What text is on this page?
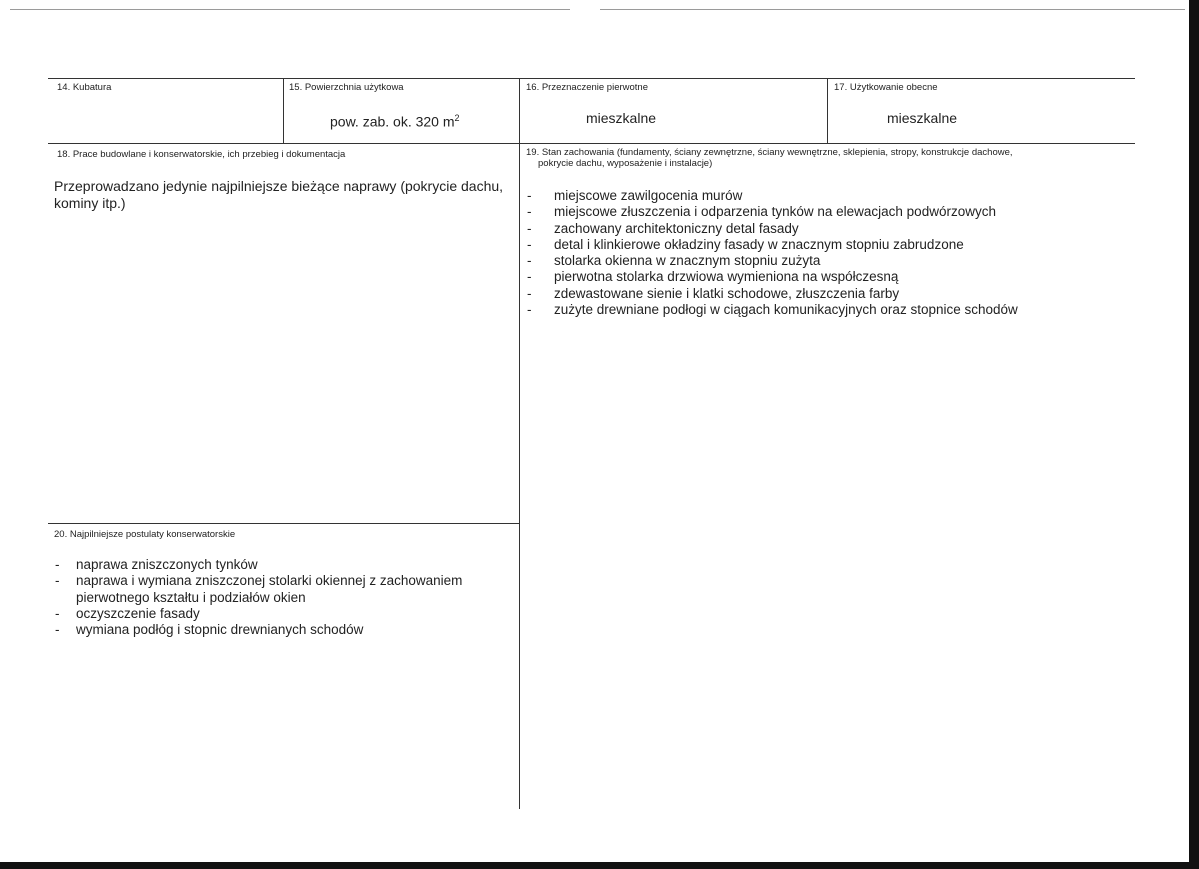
14. Kubatura	15. Powierzchnia użytkowa
pow. zab. ok. 320 $m^2$
16. Przeznaczenie pierwotne
mieszkalne
17. Użytkowanie obecne
mieszkalne
18. Prace budowlane i konserwatorskie, ich przebieg i dokumentacja
Przeprowadzano jedynie najpilniejsze bieżące naprawy (pokrycie dachu, kominy itp.)
19. Stan zachowania (fundamenty, ściany zewnętrzne, ściany wewnętrzne, sklepienia, stropy, konstrukcje dachowe,
pokrycie dachu, wyposażenie i instalacje)
- miejscowe zawilgocenia murów
- miejscowe złuszczenia i odparzenia tynków na elewacjach podwórzowych
- zachowany architektoniczny detal fasady
- detal i klinkierowe okładziny fasady w znacznym stopniu zabrudzone
- stolarka okienna w znacznym stopniu zużyta
- pierwotna stolarka drzwiowa wymieniona na współczesną
- zdewastowane sienie i klatki schodowe, złuszczenia farby
- zużyte drewniane podłogi w ciągach komunikacyjnych oraz stopnice schodów
20. Najpilniejsze postulaty konserwatorskie
- naprawa zniszczonych tynków
- naprawa i wymiana zniszczonej stolarki okiennej z zachowaniem pierwotnego kształtu i podziałów okien
- oczyszczenie fasady
- wymiana podłóg i stopnic drewnianych schodów
